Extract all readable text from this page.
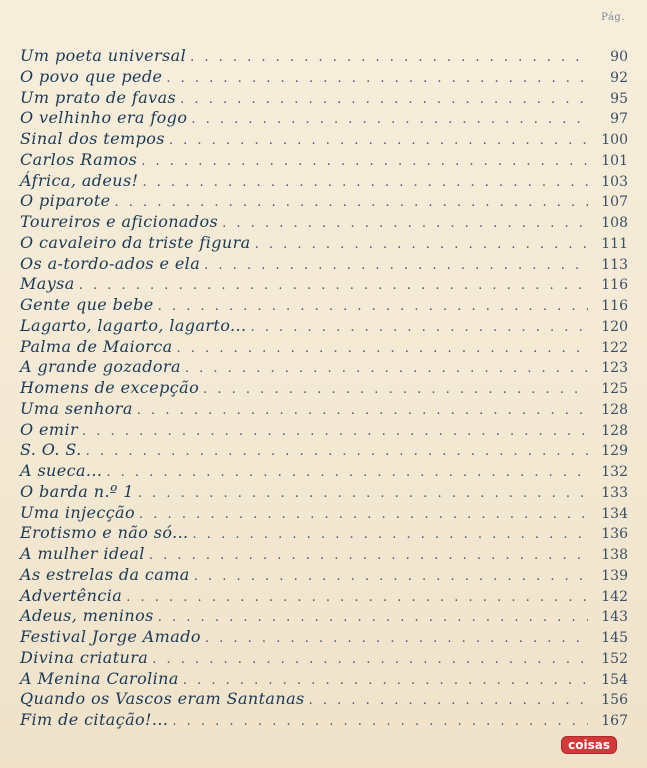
Pág.
Um poeta universal . . .	90
O povo que pede . . .	92
Um prato de favas . . .	95
O velhinho era fogo . . .	97
Sinal dos tempos . . .	100
Carlos Ramos . . .	101
África, adeus! . . .	103
O piparote . . .	107
Toureiros e aficionados . . .	108
O cavaleiro da triste figura . . .	111
Os a-tordo-ados e ela . . .	113
Maysa . . .	116
Gente que bebe . . .	116
Lagarto, lagarto, lagarto... . . .	120
Palma de Maiorca . . .	122
A grande gozadora . . .	123
Homens de excepção . . .	125
Uma senhora . . .	128
O emir . . .	128
S. O. S. . . .	129
A sueca... . . .	132
O barda n.º 1 . . .	133
Uma injecção . . .	134
Erotismo e não só... . . .	136
A mulher ideal . . .	138
As estrelas da cama . . .	139
Advertência . . .	142
Adeus, meninos . . .	143
Festival Jorge Amado . . .	145
Divina criatura . . .	152
A Menina Carolina . . .	154
Quando os Vascos eram Santanas . . .	156
Fim de citação!... . . .	167
coisas
